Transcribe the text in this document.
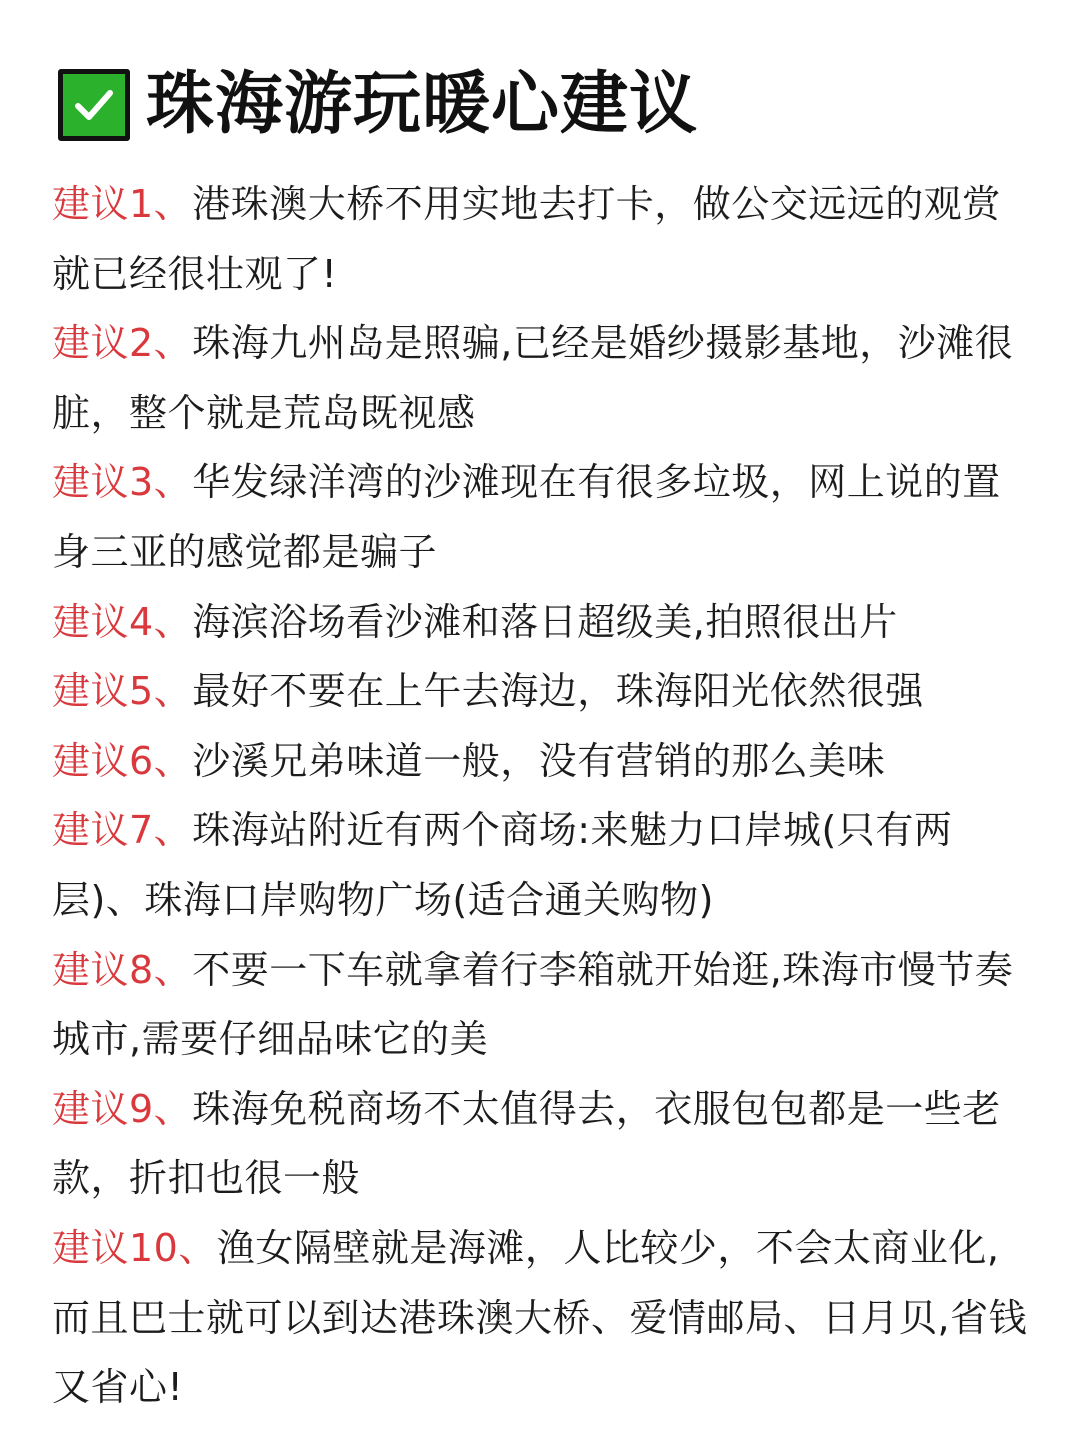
珠海游玩暖心建议
建议1、港珠澳大桥不用实地去打卡，做公交远远的观赏就已经很壮观了!
建议2、珠海九州岛是照骗,已经是婚纱摄影基地，沙滩很脏，整个就是荒岛既视感
建议3、华发绿洋湾的沙滩现在有很多垃圾，网上说的置身三亚的感觉都是骗子
建议4、海滨浴场看沙滩和落日超级美,拍照很出片
建议5、最好不要在上午去海边，珠海阳光依然很强
建议6、沙溪兄弟味道一般，没有营销的那么美味
建议7、珠海站附近有两个商场:来魅力口岸城(只有两层)、珠海口岸购物广场(适合通关购物)
建议8、不要一下车就拿着行李箱就开始逛,珠海市慢节奏城市,需要仔细品味它的美
建议9、珠海免税商场不太值得去，衣服包包都是一些老款，折扣也很一般
建议10、渔女隔壁就是海滩，人比较少，不会太商业化,而且巴士就可以到达港珠澳大桥、爱情邮局、日月贝,省钱又省心!
